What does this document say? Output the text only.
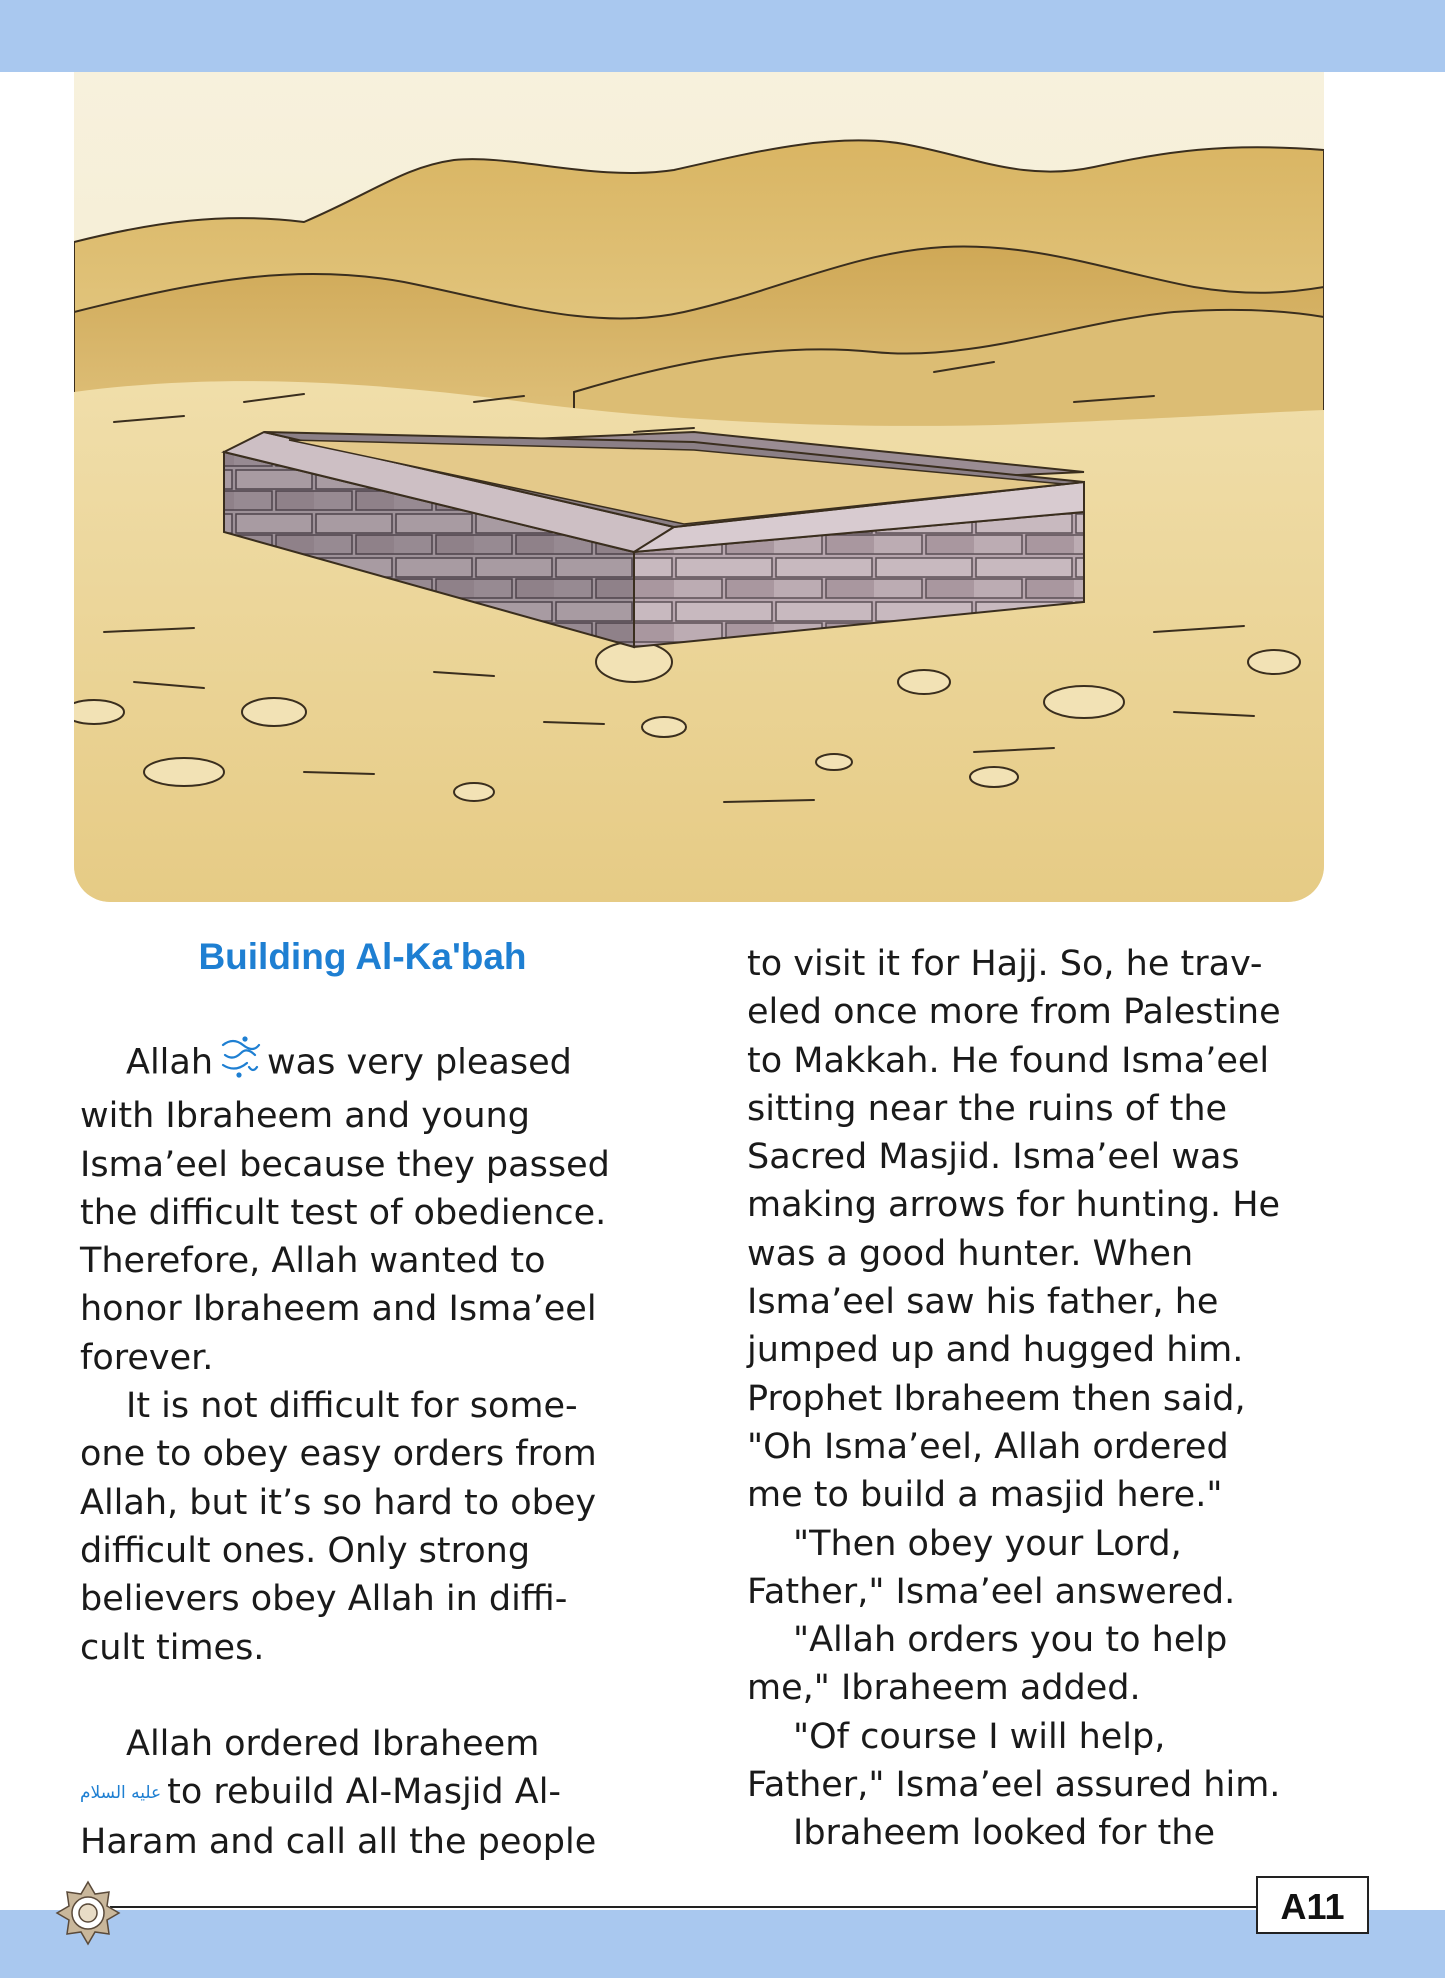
Building Al-Ka'bah
Allah was very pleased
with Ibraheem and young
Isma’eel because they passed
the difficult test of obedience.
Therefore, Allah wanted to
honor Ibraheem and Isma’eel
forever.
It is not difficult for some-
one to obey easy orders from
Allah, but it’s so hard to obey
difficult ones. Only strong
believers obey Allah in diffi-
cult times.

Allah ordered Ibraheem
عليه السلام to rebuild Al-Masjid Al-
Haram and call all the people
to visit it for Hajj. So, he trav-
eled once more from Palestine
to Makkah. He found Isma’eel
sitting near the ruins of the
Sacred Masjid. Isma’eel was
making arrows for hunting. He
was a good hunter. When
Isma’eel saw his father, he
jumped up and hugged him.
Prophet Ibraheem then said,
"Oh Isma’eel, Allah ordered
me to build a masjid here."
"Then obey your Lord,
Father," Isma’eel answered.
"Allah orders you to help
me," Ibraheem added.
"Of course I will help,
Father," Isma’eel assured him.
Ibraheem looked for the
A11
